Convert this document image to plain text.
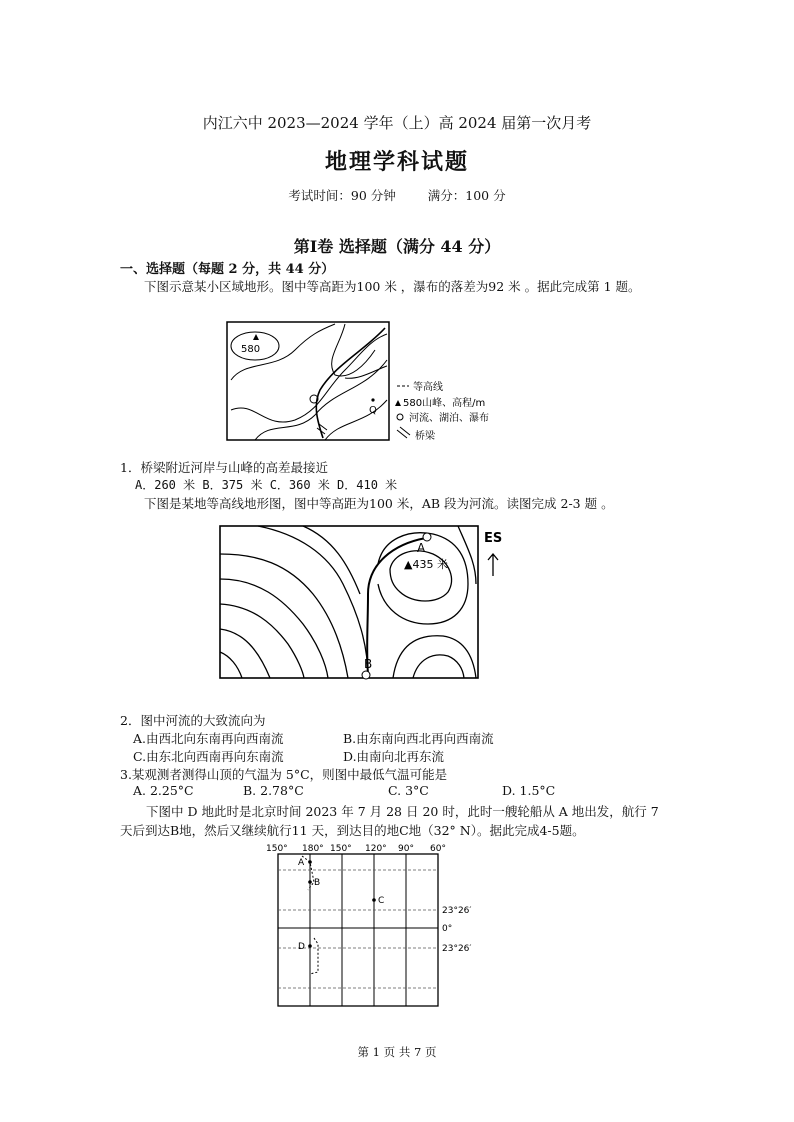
内江六中 2023—2024 学年（上）高 2024 届第一次月考
地理学科试题
考试时间：90 分钟	满分：100 分
第Ⅰ卷 选择题（满分 44 分）
一、选择题（每题 2 分，共 44 分）
下图示意某小区域地形。图中等高距为100 米 ，瀑布的落差为92 米 。据此完成第 1 题。
580
Q
等高线
580山峰、高程/m
河流、湖泊、瀑布
桥梁
1．桥梁附近河岸与山峰的高差最接近
A．260 米 B．375 米 C．360 米 D．410 米
下图是某地等高线地形图，图中等高距为100 米，AB 段为河流。读图完成 2-3 题 。
A
B
▲435 米
ES
2．图中河流的大致流向为
A.由西北向东南再向西南流	B.由东南向西北再向西南流
C.由东北向西南再向东南流	D.由南向北再东流
3.某观测者测得山顶的气温为 5°C，则图中最低气温可能是
A. 2.25°C	B. 2.78°C	C. 3°C	D. 1.5°C
下图中 D 地此时是北京时间 2023 年 7 月 28 日 20 时，此时一艘轮船从 A 地出发，航行 7
天后到达B地，然后又继续航行11 天，到达目的地C地（32° N）。据此完成4-5题。
150° 180° 150° 120° 90° 60°
23°26′
0°
23°26′
A
B
C
D
第 1 页 共 7 页
